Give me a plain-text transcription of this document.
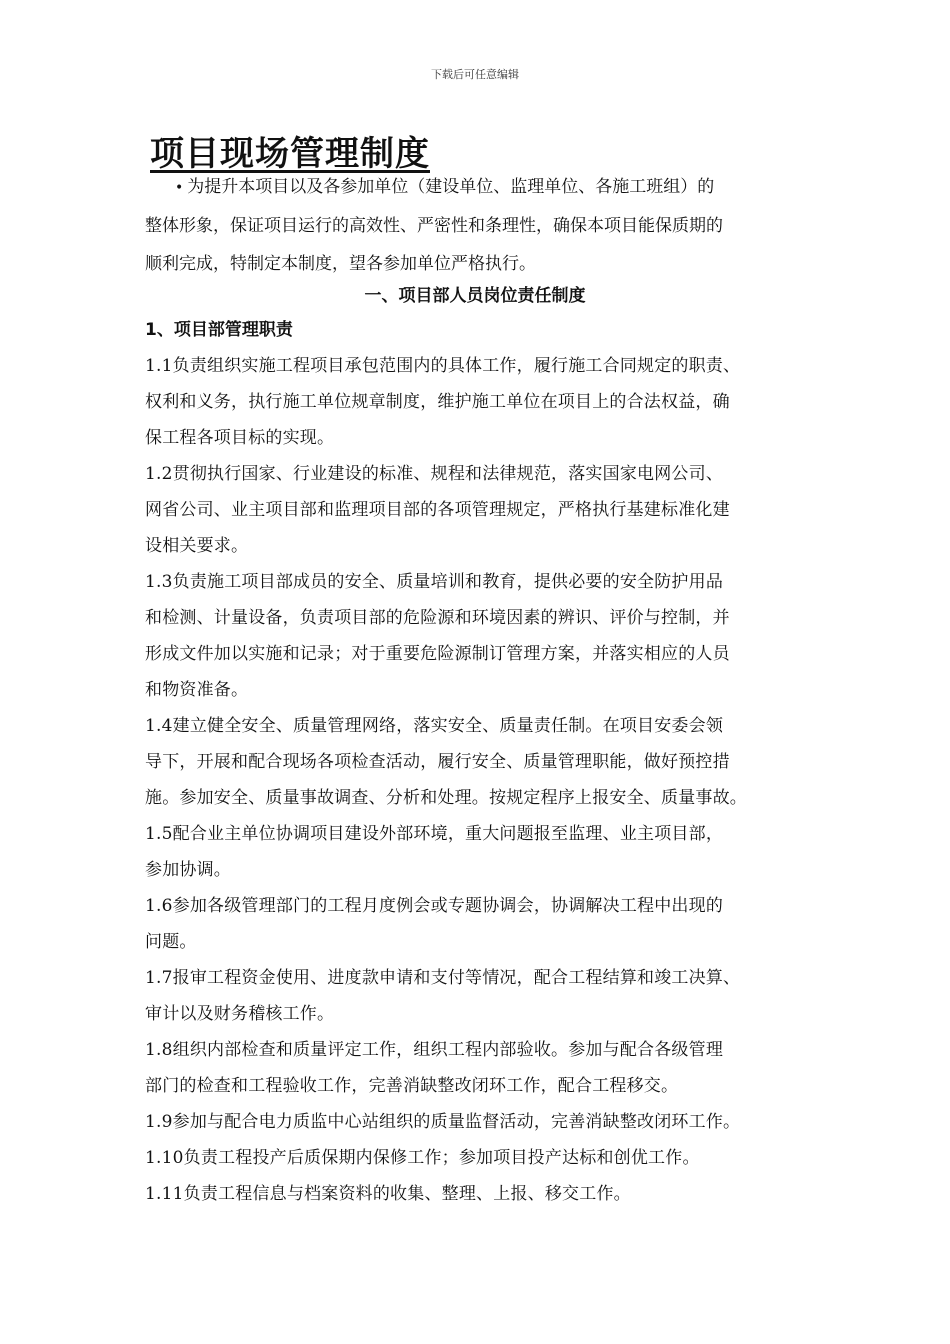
下载后可任意编辑
项目现场管理制度
• 为提升本项目以及各参加单位（建设单位、监理单位、各施工班组）的
整体形象，保证项目运行的高效性、严密性和条理性，确保本项目能保质期的
顺利完成，特制定本制度，望各参加单位严格执行。
一、项目部人员岗位责任制度
1、项目部管理职责

1.1负责组织实施工程项目承包范围内的具体工作，履行施工合同规定的职责、
权利和义务，执行施工单位规章制度，维护施工单位在项目上的合法权益，确
保工程各项目标的实现。

1.2贯彻执行国家、行业建设的标准、规程和法律规范，落实国家电网公司、
网省公司、业主项目部和监理项目部的各项管理规定，严格执行基建标准化建
设相关要求。

1.3负责施工项目部成员的安全、质量培训和教育，提供必要的安全防护用品
和检测、计量设备，负责项目部的危险源和环境因素的辨识、评价与控制，并
形成文件加以实施和记录；对于重要危险源制订管理方案，并落实相应的人员
和物资准备。

1.4建立健全安全、质量管理网络，落实安全、质量责任制。在项目安委会领
导下，开展和配合现场各项检查活动，履行安全、质量管理职能，做好预控措
施。参加安全、质量事故调查、分析和处理。按规定程序上报安全、质量事故。

1.5配合业主单位协调项目建设外部环境，重大问题报至监理、业主项目部，
参加协调。

1.6参加各级管理部门的工程月度例会或专题协调会，协调解决工程中出现的
问题。

1.7报审工程资金使用、进度款申请和支付等情况，配合工程结算和竣工决算、
审计以及财务稽核工作。

1.8组织内部检查和质量评定工作，组织工程内部验收。参加与配合各级管理
部门的检查和工程验收工作，完善消缺整改闭环工作，配合工程移交。

1.9参加与配合电力质监中心站组织的质量监督活动，完善消缺整改闭环工作。

1.10负责工程投产后质保期内保修工作；参加项目投产达标和创优工作。

1.11负责工程信息与档案资料的收集、整理、上报、移交工作。
